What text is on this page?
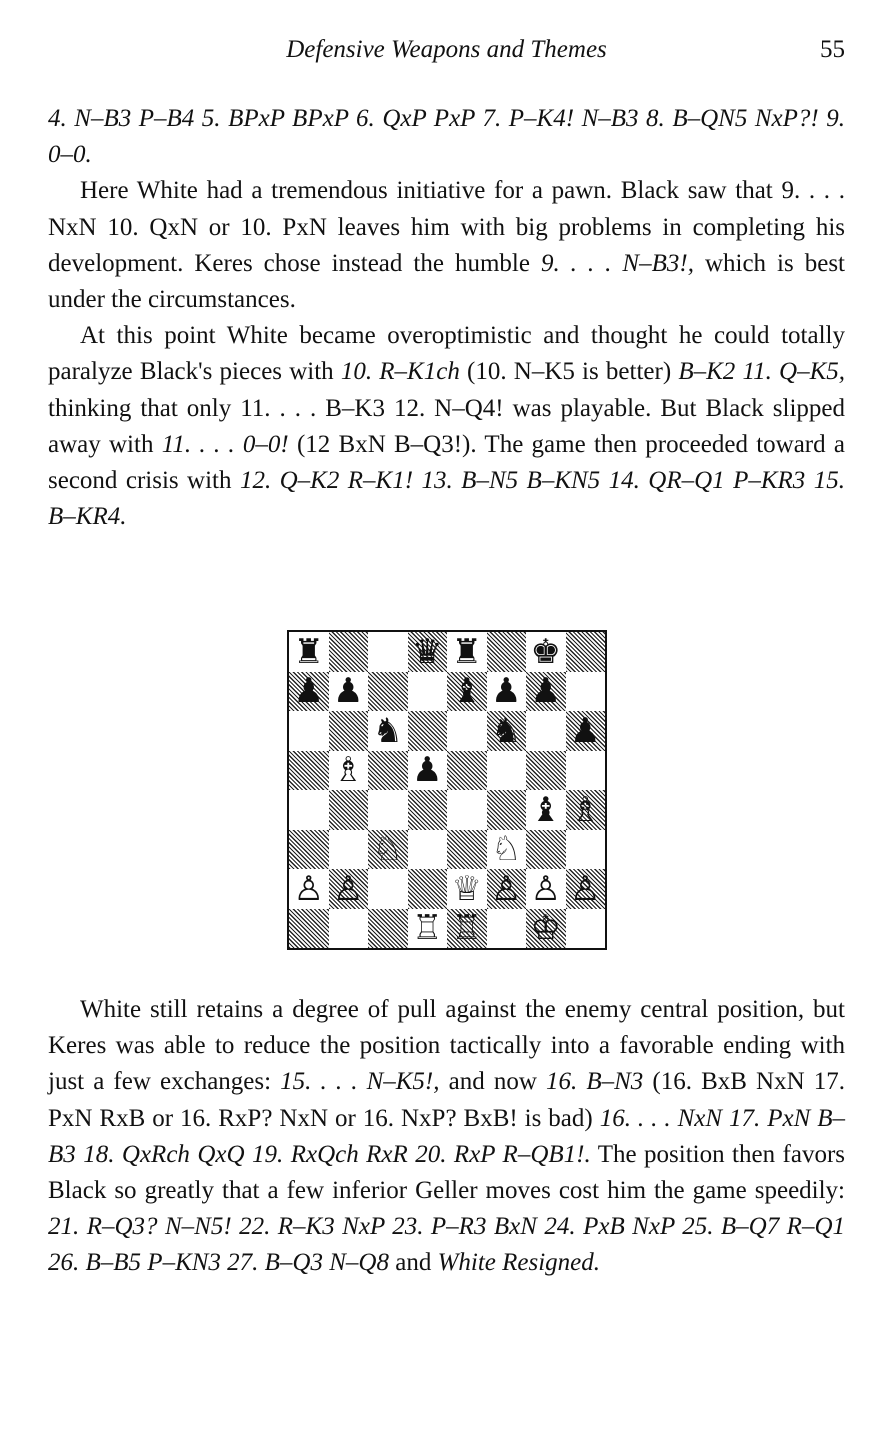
Defensive Weapons and Themes	55

4. N–B3 P–B4 5. BPxP BPxP 6. QxP PxP 7. P–K4! N–B3 8. B–QN5 NxP?! 9. 0–0.

Here White had a tremendous initiative for a pawn. Black saw that 9. . . . NxN 10. QxN or 10. PxN leaves him with big problems in completing his development. Keres chose instead the humble 9. . . . N–B3!, which is best under the circumstances.

At this point White became overoptimistic and thought he could totally paralyze Black's pieces with 10. R–K1ch (10. N–K5 is better) B–K2 11. Q–K5, thinking that only 11. . . . B–K3 12. N–Q4! was playable. But Black slipped away with 11. . . . 0–0! (12 BxN B–Q3!). The game then proceeded toward a second crisis with 12. Q–K2 R–K1! 13. B–N5 B–KN5 14. QR–Q1 P–KR3 15. B–KR4.

♜	♛ ♜ ♚
♟ ♟	♝ ♟ ♟
♞	♞ ♟
♗ ♟
♝ ♗
♘	♘
♙ ♙	♕ ♙ ♙ ♙
♖ ♖ ♔

White still retains a degree of pull against the enemy central position, but Keres was able to reduce the position tactically into a favorable ending with just a few exchanges: 15. . . . N–K5!, and now 16. B–N3 (16. BxB NxN 17. PxN RxB or 16. RxP? NxN or 16. NxP? BxB! is bad) 16. . . . NxN 17. PxN B–B3 18. QxRch QxQ 19. RxQch RxR 20. RxP R–QB1!. The position then favors Black so greatly that a few inferior Geller moves cost him the game speedily: 21. R–Q3? N–N5! 22. R–K3 NxP 23. P–R3 BxN 24. PxB NxP 25. B–Q7 R–Q1 26. B–B5 P–KN3 27. B–Q3 N–Q8 and White Resigned.
